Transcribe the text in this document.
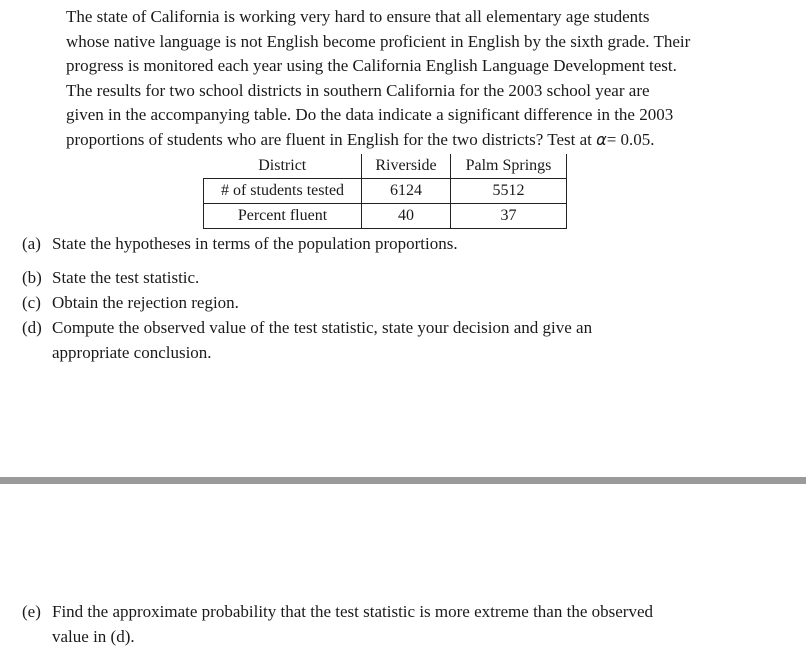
The state of California is working very hard to ensure that all elementary age students
whose native language is not English become proficient in English by the sixth grade. Their
progress is monitored each year using the California English Language Development test.
The results for two school districts in southern California for the 2003 school year are
given in the accompanying table. Do the data indicate a significant difference in the 2003
proportions of students who are fluent in English for the two districts? Test at α= 0.05.
District	Riverside	Palm Springs
# of students tested	6124	5512
Percent fluent	40	37
(a) State the hypotheses in terms of the population proportions.
(b) State the test statistic.
(c) Obtain the rejection region.
(d) Compute the observed value of the test statistic, state your decision and give an
appropriate conclusion.
(e) Find the approximate probability that the test statistic is more extreme than the observed
value in (d).
